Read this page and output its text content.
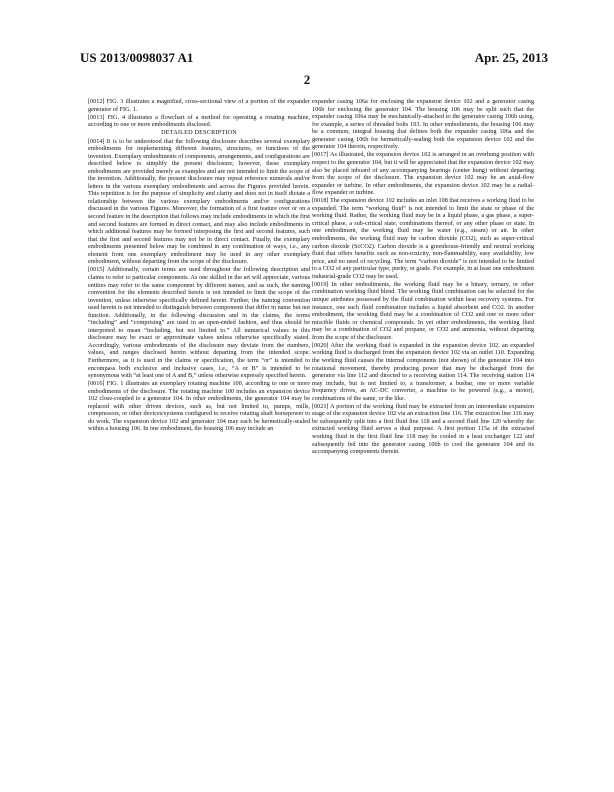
US 2013/0098037 A1	Apr. 25, 2013
2

[0012] FIG. 3 illustrates a magnified, cross-sectional view of a portion of the expander generator of FIG. 1.

[0013] FIG. 4 illustrates a flowchart of a method for operating a rotating machine, according to one or more embodiments disclosed.

DETAILED DESCRIPTION

[0014] It is to be understood that the following disclosure describes several exemplary embodiments for implementing different features, structures, or functions of the invention. Exemplary embodiments of components, arrangements, and configurations are described below to simplify the present disclosure; however, these exemplary embodiments are provided merely as examples and are not intended to limit the scope of the invention. Additionally, the present disclosure may repeat reference numerals and/or letters in the various exemplary embodiments and across the Figures provided herein. This repetition is for the purpose of simplicity and clarity and does not in itself dictate a relationship between the various exemplary embodiments and/or configurations discussed in the various Figures. Moreover, the formation of a first feature over or on a second feature in the description that follows may include embodiments in which the first and second features are formed in direct contact, and may also include embodiments in which additional features may be formed interposing the first and second features, such that the first and second features may not be in direct contact. Finally, the exemplary embodiments presented below may be combined in any combination of ways, i.e., any element from one exemplary embodiment may be used in any other exemplary embodiment, without departing from the scope of the disclosure.

[0015] Additionally, certain terms are used throughout the following description and claims to refer to particular components. As one skilled in the art will appreciate, various entities may refer to the same component by different names, and as such, the naming convention for the elements described herein is not intended to limit the scope of the invention, unless otherwise specifically defined herein. Further, the naming convention used herein is not intended to distinguish between components that differ in name but not function. Additionally, in the following discussion and in the claims, the terms “including” and “comprising” are used in an open-ended fashion, and thus should be interpreted to mean “including, but not limited to.” All numerical values in this disclosure may be exact or approximate values unless otherwise specifically stated. Accordingly, various embodiments of the disclosure may deviate from the numbers, values, and ranges disclosed herein without departing from the intended scope. Furthermore, as it is used in the claims or specification, the term “or” is intended to encompass both exclusive and inclusive cases, i.e., “A or B” is intended to be synonymous with “at least one of A and B,” unless otherwise expressly specified herein.

[0016] FIG. 1 illustrates an exemplary rotating machine 100, according to one or more embodiments of the disclosure. The rotating machine 100 includes an expansion device 102 close-coupled to a generator 104. In other embodiments, the generator 104 may be replaced with other driven devices, such as, but not limited to, pumps, mills, compressors, or other devices/systems configured to receive rotating shaft horsepower to do work. The expansion device 102 and generator 104 may each be hermetically-sealed within a housing 106. In one embodiment, the housing 106 may include an

expander casing 106a for enclosing the expansion device 102 and a generator casing 106b for enclosing the generator 104. The housing 106 may be split such that the expander casing 106a may be mechanically-attached to the generator casing 106b using, for example, a series of threaded bolts 103. In other embodiments, the housing 106 may be a common, integral housing that defines both the expander casing 106a and the generator casing 106b for hermetically-sealing both the expansion device 102 and the generator 104 therein, respectively.

[0017] As illustrated, the expansion device 102 is arranged in an overhung position with respect to the generator 104, but it will be appreciated that the expansion device 102 may also be placed inboard of any accompanying bearings (center hung) without departing from the scope of the disclosure. The expansion device 102 may be an axial-flow expander or turbine. In other embodiments, the expansion device 102 may be a radial-flow expander or turbine.

[0018] The expansion device 102 includes an inlet 108 that receives a working fluid to be expanded. The term “working fluid” is not intended to limit the state or phase of the working fluid. Rather, the working fluid may be in a liquid phase, a gas phase, a super-critical phase, a sub-critical state, combinations thereof, or any other phase or state. In one embodiment, the working fluid may be water (e.g., steam) or air. In other embodiments, the working fluid may be carbon dioxide (CO2), such as super-critical carbon dioxide (ScCO2). Carbon dioxide is a greenhouse-friendly and neutral working fluid that offers benefits such as non-toxicity, non-flammability, easy availability, low price, and no need of recycling. The term “carbon dioxide” is not intended to be limited to a CO2 of any particular type, purity, or grade. For example, in at least one embodiment industrial-grade CO2 may be used.

[0019] In other embodiments, the working fluid may be a binary, ternary, or other combination working fluid blend. The working fluid combination can be selected for the unique attributes possessed by the fluid combination within heat recovery systems. For instance, one such fluid combination includes a liquid absorbent and CO2. In another embodiment, the working fluid may be a combination of CO2 and one or more other miscible fluids or chemical compounds. In yet other embodiments, the working fluid may be a combination of CO2 and propane, or CO2 and ammonia, without departing from the scope of the disclosure.

[0020] After the working fluid is expanded in the expansion device 102, an expanded working fluid is discharged from the expansion device 102 via an outlet 110. Expanding the working fluid causes the internal components (not shown) of the generator 104 into rotational movement, thereby producing power that may be discharged from the generator via line 112 and directed to a receiving station 114. The receiving station 114 may include, but is not limited to, a transformer, a busbar, one or more variable frequency drives, an AC-DC converter, a machine to be powered (e.g., a motor), combinations of the same, or the like.

[0021] A portion of the working fluid may be extracted from an intermediate expansion stage of the expansion device 102 via an extraction line 116. The extraction line 116 may be subsequently split into a first fluid line 118 and a second fluid line 120 whereby the extracted working fluid serves a dual purpose. A first portion 115a of the extracted working fluid in the first fluid line 118 may be cooled in a heat exchanger 122 and subsequently fed into the generator casing 106b to cool the generator 104 and its accompanying components therein.
